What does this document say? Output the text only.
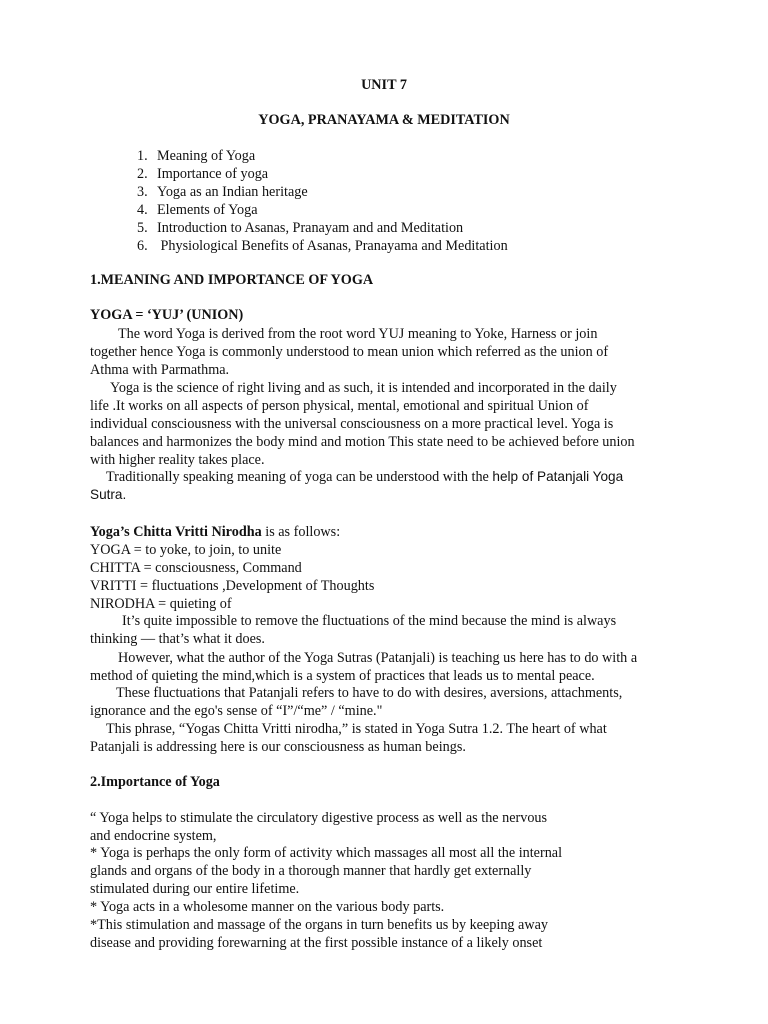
UNIT 7
YOGA, PRANAYAMA & MEDITATION
1. Meaning of Yoga
2. Importance of yoga
3. Yoga as an Indian heritage
4. Elements of Yoga
5. Introduction to Asanas, Pranayam and and Meditation
6. Physiological Benefits of Asanas, Pranayama and Meditation
1.MEANING AND IMPORTANCE OF YOGA
YOGA = ‘YUJ’ (UNION)
The word Yoga is derived from the root word YUJ meaning to Yoke, Harness or join
together hence Yoga is commonly understood to mean union which referred as the union of
Athma with Parmathma.
Yoga is the science of right living and as such, it is intended and incorporated in the daily
life .It works on all aspects of person physical, mental, emotional and spiritual Union of
individual consciousness with the universal consciousness on a more practical level. Yoga is
balances and harmonizes the body mind and motion This state need to be achieved before union
with higher reality takes place.
Traditionally speaking meaning of yoga can be understood with the help of Patanjali Yoga
Sutra.
Yoga’s Chitta Vritti Nirodha is as follows:
YOGA = to yoke, to join, to unite
CHITTA = consciousness, Command
VRITTI = fluctuations ,Development of Thoughts
NIRODHA = quieting of
It’s quite impossible to remove the fluctuations of the mind because the mind is always
thinking — that’s what it does.
However, what the author of the Yoga Sutras (Patanjali) is teaching us here has to do with a
method of quieting the mind,which is a system of practices that leads us to mental peace.
These fluctuations that Patanjali refers to have to do with desires, aversions, attachments,
ignorance and the ego's sense of “I”/“me” / “mine."
This phrase, “Yogas Chitta Vritti nirodha,” is stated in Yoga Sutra 1.2. The heart of what
Patanjali is addressing here is our consciousness as human beings.
2.Importance of Yoga
“ Yoga helps to stimulate the circulatory digestive process as well as the nervous
and endocrine system,
* Yoga is perhaps the only form of activity which massages all most all the internal
glands and organs of the body in a thorough manner that hardly get externally
stimulated during our entire lifetime.
* Yoga acts in a wholesome manner on the various body parts.
*This stimulation and massage of the organs in turn benefits us by keeping away
disease and providing forewarning at the first possible instance of a likely onset
